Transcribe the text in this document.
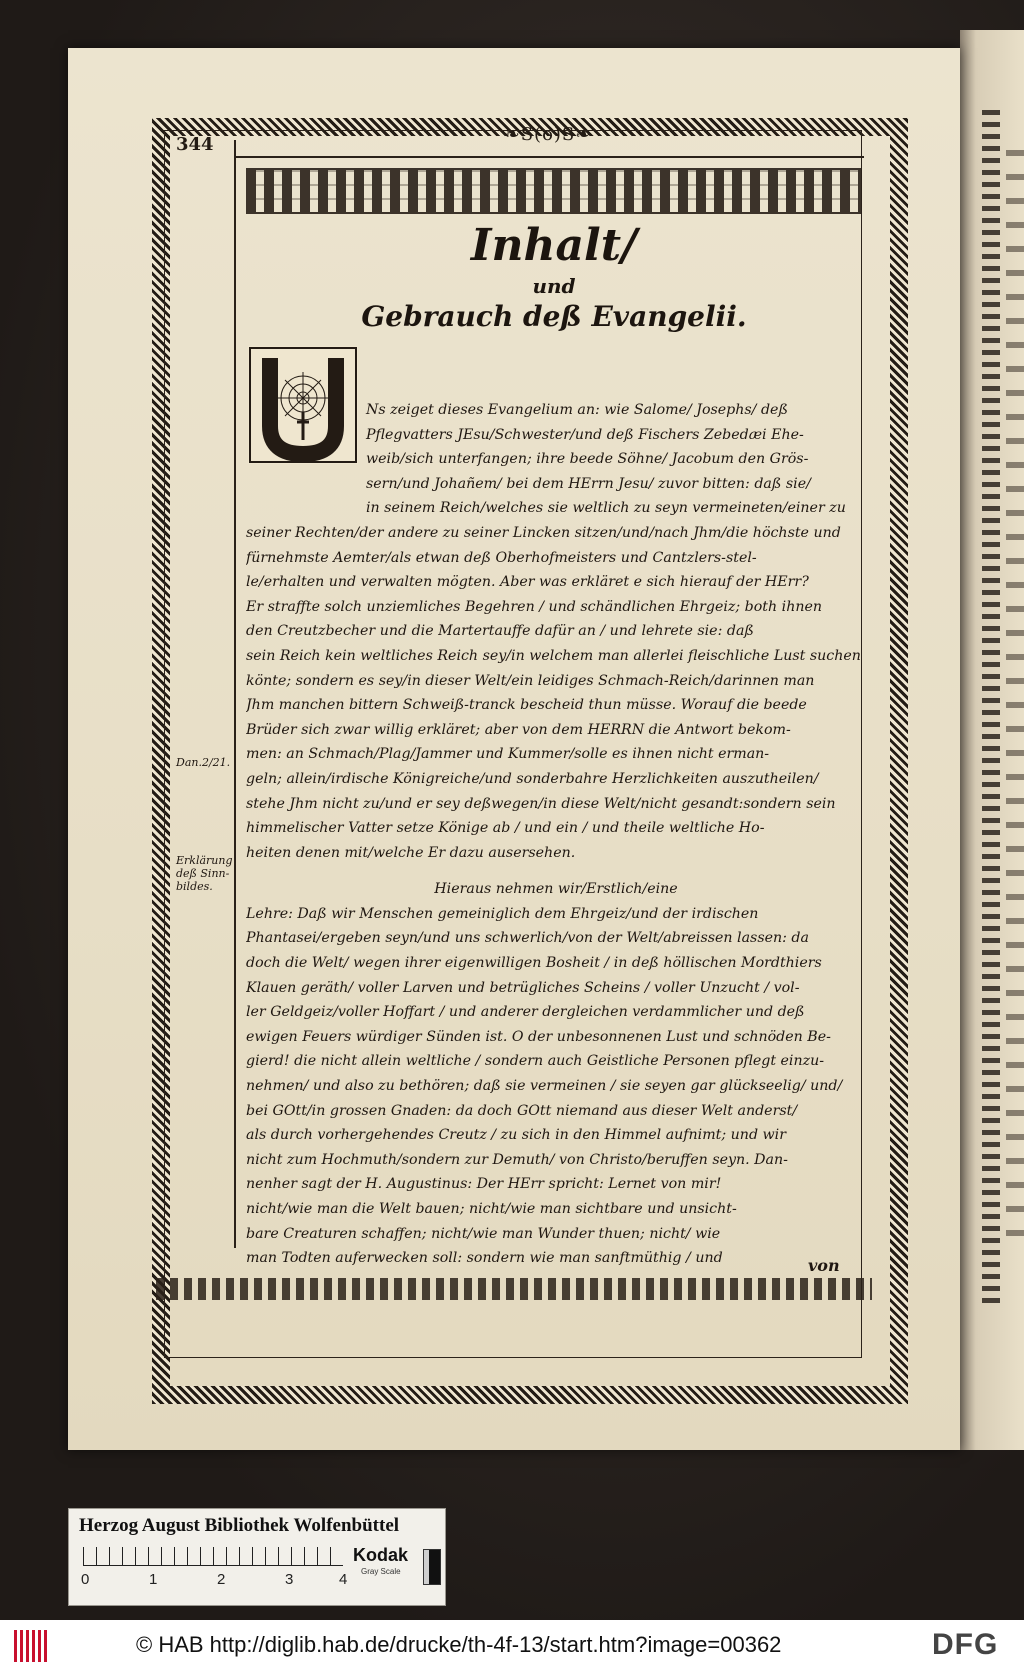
344	❧S(o)S❧
Inhalt/
und
Gebrauch deß Evangelii.
Ns zeiget dieses Evangelium an: wie Salome/ Josephs/ deß
Pflegvatters JEsu/Schwester/und deß Fischers Zebedæi Ehe-
weib/sich unterfangen; ihre beede Söhne/ Jacobum den Grös-
sern/und Johañem/ bei dem HErrn Jesu/ zuvor bitten: daß sie/
in seinem Reich/welches sie weltlich zu seyn vermeineten/einer zu
seiner Rechten/der andere zu seiner Lincken sitzen/und/nach Jhm/die höchste und
fürnehmste Aemter/als etwan deß Oberhofmeisters und Cantzlers-stel-
le/erhalten und verwalten mögten. Aber was erkläret e sich hierauf der HErr?
Er straffte solch unziemliches Begehren / und schändlichen Ehrgeiz; both ihnen
den Creutzbecher und die Martertauffe dafür an / und lehrete sie: daß
sein Reich kein weltliches Reich sey/in welchem man allerlei fleischliche Lust suchen
könte; sondern es sey/in dieser Welt/ein leidiges Schmach-Reich/darinnen man
Jhm manchen bittern Schweiß-tranck bescheid thun müsse. Worauf die beede
Brüder sich zwar willig erkläret; aber von dem HERRN die Antwort bekom-
men: an Schmach/Plag/Jammer und Kummer/solle es ihnen nicht erman-
geln; allein/irdische Königreiche/und sonderbahre Herzlichkeiten auszutheilen/
stehe Jhm nicht zu/und er sey deßwegen/in diese Welt/nicht gesandt:sondern sein
himmelischer Vatter setze Könige ab / und ein / und theile weltliche Ho-
heiten denen mit/welche Er dazu ausersehen.
Hieraus nehmen wir/Erstlich/eine
Lehre: Daß wir Menschen gemeiniglich dem Ehrgeiz/und der irdischen
Phantasei/ergeben seyn/und uns schwerlich/von der Welt/abreissen lassen: da
doch die Welt/ wegen ihrer eigenwilligen Bosheit / in deß höllischen Mordthiers
Klauen geräth/ voller Larven und betrügliches Scheins / voller Unzucht / vol-
ler Geldgeiz/voller Hoffart / und anderer dergleichen verdammlicher und deß
ewigen Feuers würdiger Sünden ist. O der unbesonnenen Lust und schnöden Be-
gierd! die nicht allein weltliche / sondern auch Geistliche Personen pflegt einzu-
nehmen/ und also zu bethören; daß sie vermeinen / sie seyen gar glückseelig/ und/
bei GOtt/in grossen Gnaden: da doch GOtt niemand aus dieser Welt anderst/
als durch vorhergehendes Creutz / zu sich in den Himmel aufnimt; und wir
nicht zum Hochmuth/sondern zur Demuth/ von Christo/beruffen seyn. Dan-
nenher sagt der H. Augustinus: Der HErr spricht: Lernet von mir!
nicht/wie man die Welt bauen; nicht/wie man sichtbare und unsicht-
bare Creaturen schaffen; nicht/wie man Wunder thuen; nicht/ wie
man Todten auferwecken soll: sondern wie man sanftmüthig / und	von
Dan.2/21.
Erklärung deß Sinn-bildes.
Herzog August Bibliothek Wolfenbüttel
0	1	2	3	4
Kodak
Gray Scale
© HAB http://diglib.hab.de/drucke/th-4f-13/start.htm?image=00362	DFG
